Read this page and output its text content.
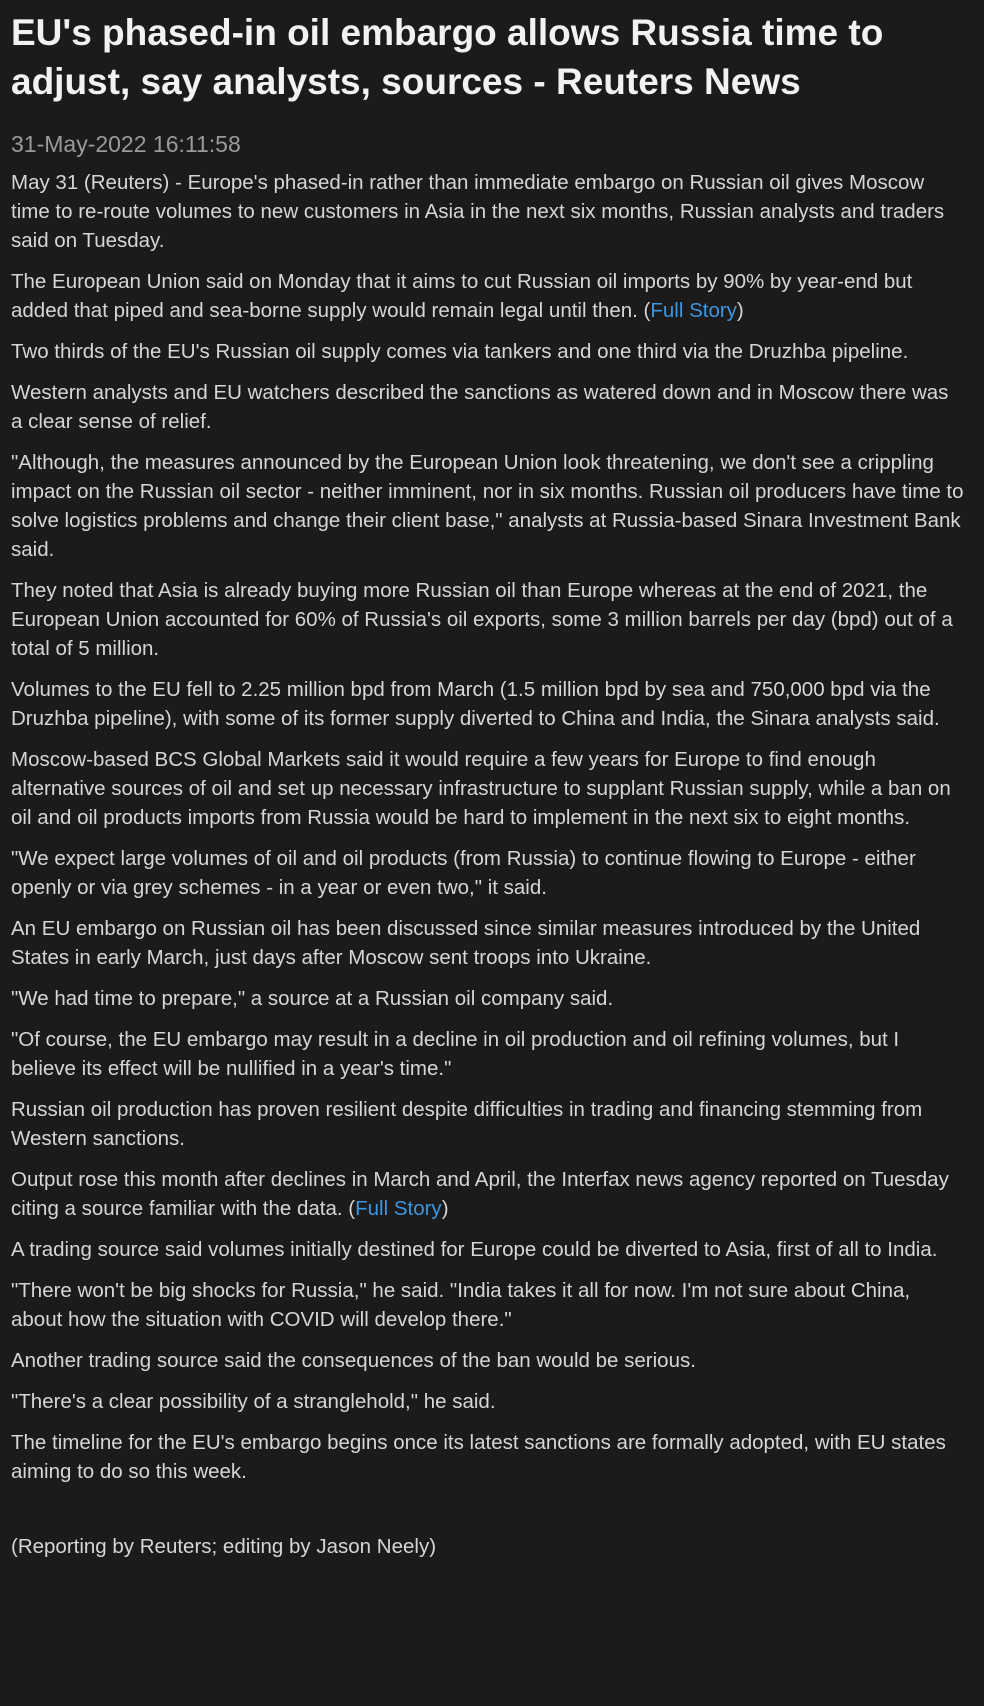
EU's phased-in oil embargo allows Russia time to adjust, say analysts, sources - Reuters News
31-May-2022 16:11:58

May 31 (Reuters) - Europe's phased-in rather than immediate embargo on Russian oil gives Moscow time to re-route volumes to new customers in Asia in the next six months, Russian analysts and traders said on Tuesday.

The European Union said on Monday that it aims to cut Russian oil imports by 90% by year-end but added that piped and sea-borne supply would remain legal until then. (Full Story)

Two thirds of the EU's Russian oil supply comes via tankers and one third via the Druzhba pipeline.

Western analysts and EU watchers described the sanctions as watered down and in Moscow there was a clear sense of relief.

"Although, the measures announced by the European Union look threatening, we don't see a crippling impact on the Russian oil sector - neither imminent, nor in six months. Russian oil producers have time to solve logistics problems and change their client base," analysts at Russia-based Sinara Investment Bank said.

They noted that Asia is already buying more Russian oil than Europe whereas at the end of 2021, the European Union accounted for 60% of Russia's oil exports, some 3 million barrels per day (bpd) out of a total of 5 million.

Volumes to the EU fell to 2.25 million bpd from March (1.5 million bpd by sea and 750,000 bpd via the Druzhba pipeline), with some of its former supply diverted to China and India, the Sinara analysts said.

Moscow-based BCS Global Markets said it would require a few years for Europe to find enough alternative sources of oil and set up necessary infrastructure to supplant Russian supply, while a ban on oil and oil products imports from Russia would be hard to implement in the next six to eight months.

"We expect large volumes of oil and oil products (from Russia) to continue flowing to Europe - either openly or via grey schemes - in a year or even two," it said.

An EU embargo on Russian oil has been discussed since similar measures introduced by the United States in early March, just days after Moscow sent troops into Ukraine.

"We had time to prepare," a source at a Russian oil company said.

"Of course, the EU embargo may result in a decline in oil production and oil refining volumes, but I believe its effect will be nullified in a year's time."

Russian oil production has proven resilient despite difficulties in trading and financing stemming from Western sanctions.

Output rose this month after declines in March and April, the Interfax news agency reported on Tuesday citing a source familiar with the data. (Full Story)

A trading source said volumes initially destined for Europe could be diverted to Asia, first of all to India.

"There won't be big shocks for Russia," he said. "India takes it all for now. I'm not sure about China, about how the situation with COVID will develop there."

Another trading source said the consequences of the ban would be serious.

"There's a clear possibility of a stranglehold," he said.

The timeline for the EU's embargo begins once its latest sanctions are formally adopted, with EU states aiming to do so this week.

(Reporting by Reuters; editing by Jason Neely)
